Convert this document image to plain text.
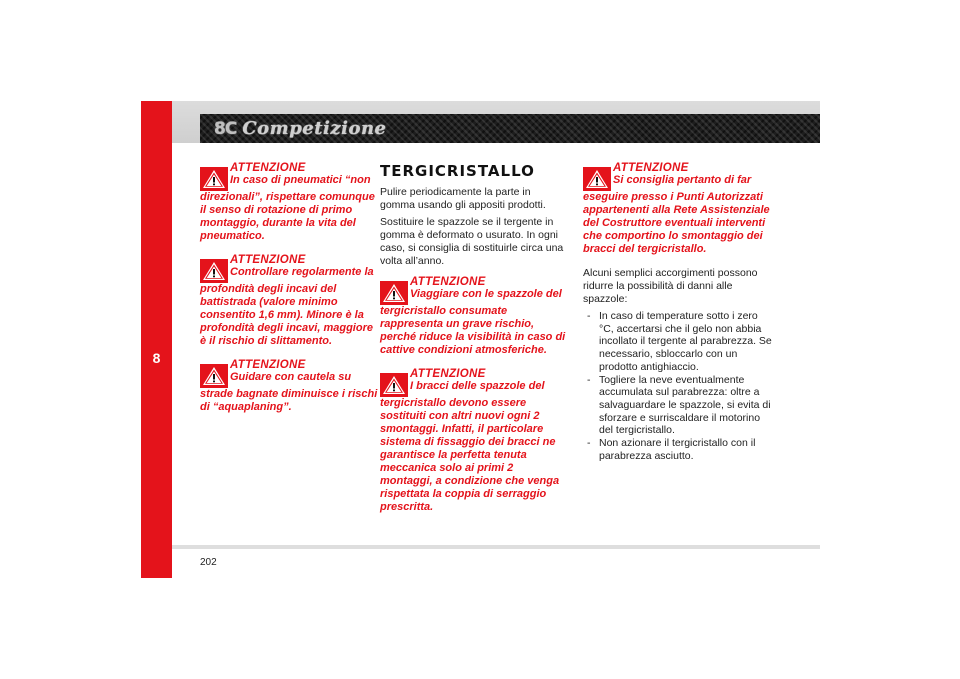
8
8C Competizione
ATTENZIONE
In caso di pneumatici “non
direzionali”, rispettare comunque il senso di rotazione di primo montaggio, durante la vita del pneumatico.
ATTENZIONE
Controllare regolarmente la
profondità degli incavi del battistrada (valore minimo consentito 1,6 mm). Minore è la profondità degli incavi, maggiore è il rischio di slittamento.
ATTENZIONE
Guidare con cautela su
strade bagnate diminuisce i rischi di “aquaplaning”.
TERGICRISTALLO

Pulire periodicamente la parte in gomma usando gli appositi prodotti.

Sostituire le spazzole se il tergente in gomma è deformato o usurato. In ogni caso, si consiglia di sostituirle circa una volta all’anno.

ATTENZIONE
Viaggiare con le spazzole del
tergicristallo consumate rappresenta un grave rischio, perché riduce la visibilità in caso di cattive condizioni atmosferiche.
ATTENZIONE
I bracci delle spazzole del
tergicristallo devono essere sostituiti con altri nuovi ogni 2 smontaggi. Infatti, il particolare sistema di fissaggio dei bracci ne garantisce la perfetta tenuta meccanica solo ai primi 2 montaggi, a condizione che venga rispettata la coppia di serraggio prescritta.
ATTENZIONE
Si consiglia pertanto di far
eseguire presso i Punti Autorizzati appartenenti alla Rete Assistenziale del Costruttore eventuali interventi che comportino lo smontaggio dei bracci del tergicristallo.

Alcuni semplici accorgimenti possono ridurre la possibilità di danni alle spazzole:

- In caso di temperature sotto i zero °C, accertarsi che il gelo non abbia incollato il tergente al parabrezza. Se necessario, sbloccarlo con un prodotto antighiaccio.
- Togliere la neve eventualmente accumulata sul parabrezza: oltre a salvaguardare le spazzole, si evita di sforzare e surriscaldare il motorino del tergicristallo.
- Non azionare il tergicristallo con il parabrezza asciutto.
202
